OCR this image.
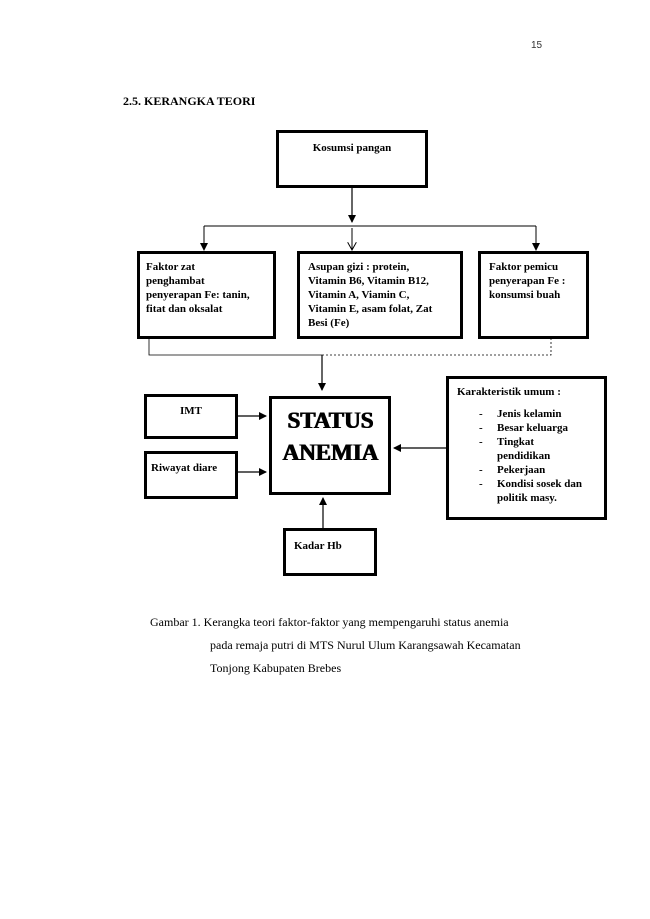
15
2.5. KERANGKA TEORI
Kosumsi pangan
Faktor zat
penghambat
penyerapan Fe: tanin,
fitat dan oksalat
Asupan gizi : protein,
Vitamin B6, Vitamin B12,
Vitamin A, Viamin C,
Vitamin E, asam folat, Zat
Besi (Fe)
Faktor pemicu
penyerapan Fe :
konsumsi buah
IMT
Riwayat diare
STATUS
ANEMIA
Karakteristik umum :
- Jenis kelamin
- Besar keluarga
- Tingkat
pendidikan
- Pekerjaan
- Kondisi sosek dan
politik masy.
Kadar Hb
Gambar 1. Kerangka teori faktor-faktor yang mempengaruhi status anemia
pada remaja putri di MTS Nurul Ulum Karangsawah Kecamatan
Tonjong Kabupaten Brebes
